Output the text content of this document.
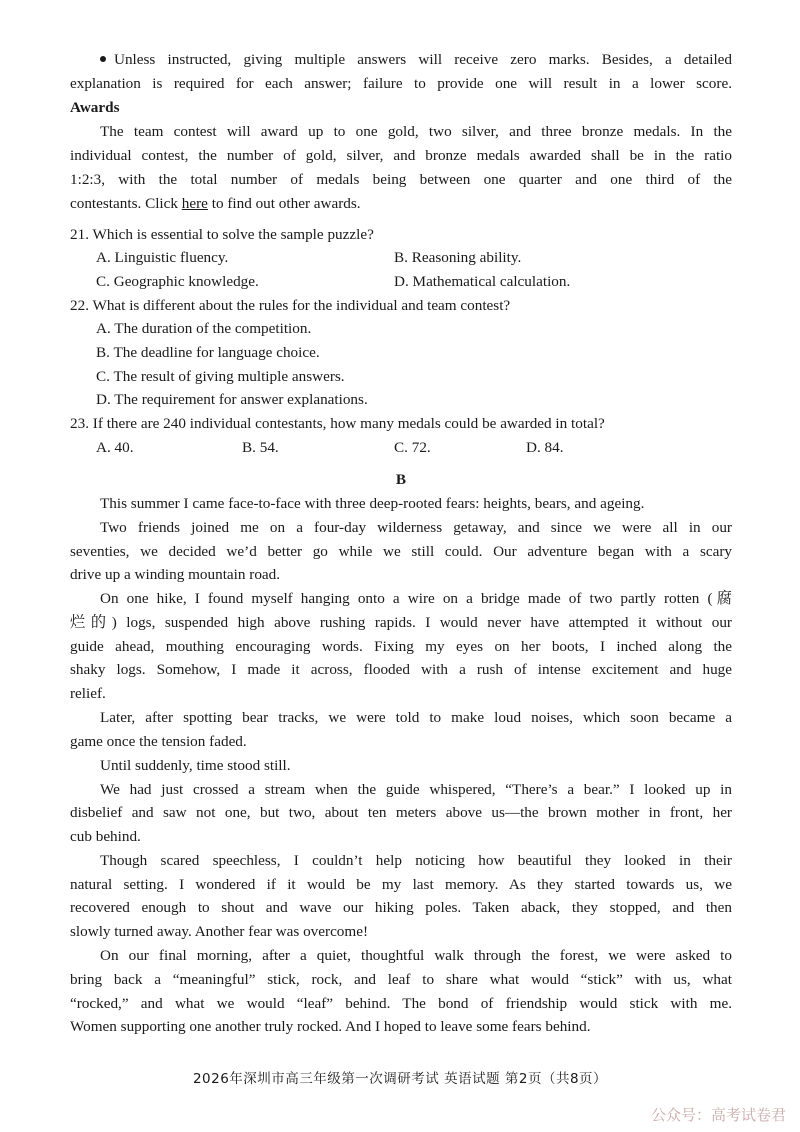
Unless instructed, giving multiple answers will receive zero marks. Besides, a detailed
explanation is required for each answer; failure to provide one will result in a lower score.
Awards
The team contest will award up to one gold, two silver, and three bronze medals. In the
individual contest, the number of gold, silver, and bronze medals awarded shall be in the ratio
1:2:3, with the total number of medals being between one quarter and one third of the
contestants. Click here to find out other awards.
21. Which is essential to solve the sample puzzle?
A. Linguistic fluency.	B. Reasoning ability.
C. Geographic knowledge.	D. Mathematical calculation.
22. What is different about the rules for the individual and team contest?
A. The duration of the competition.
B. The deadline for language choice.
C. The result of giving multiple answers.
D. The requirement for answer explanations.
23. If there are 240 individual contestants, how many medals could be awarded in total?
A. 40.	B. 54.	C. 72.	D. 84.
B
This summer I came face-to-face with three deep-rooted fears: heights, bears, and ageing.
Two friends joined me on a four-day wilderness getaway, and since we were all in our
seventies, we decided we’d better go while we still could. Our adventure began with a scary
drive up a winding mountain road.
On one hike, I found myself hanging onto a wire on a bridge made of two partly rotten (腐
烂的) logs, suspended high above rushing rapids. I would never have attempted it without our
guide ahead, mouthing encouraging words. Fixing my eyes on her boots, I inched along the
shaky logs. Somehow, I made it across, flooded with a rush of intense excitement and huge
relief.
Later, after spotting bear tracks, we were told to make loud noises, which soon became a
game once the tension faded.
Until suddenly, time stood still.
We had just crossed a stream when the guide whispered, “There’s a bear.” I looked up in
disbelief and saw not one, but two, about ten meters above us—the brown mother in front, her
cub behind.
Though scared speechless, I couldn’t help noticing how beautiful they looked in their
natural setting. I wondered if it would be my last memory. As they started towards us, we
recovered enough to shout and wave our hiking poles. Taken aback, they stopped, and then
slowly turned away. Another fear was overcome!
On our final morning, after a quiet, thoughtful walk through the forest, we were asked to
bring back a “meaningful” stick, rock, and leaf to share what would “stick” with us, what
“rocked,” and what we would “leaf” behind. The bond of friendship would stick with me.
Women supporting one another truly rocked. And I hoped to leave some fears behind.
2026年深圳市高三年级第一次调研考试 英语试题 第2页（共8页）
公众号：高考试卷君
